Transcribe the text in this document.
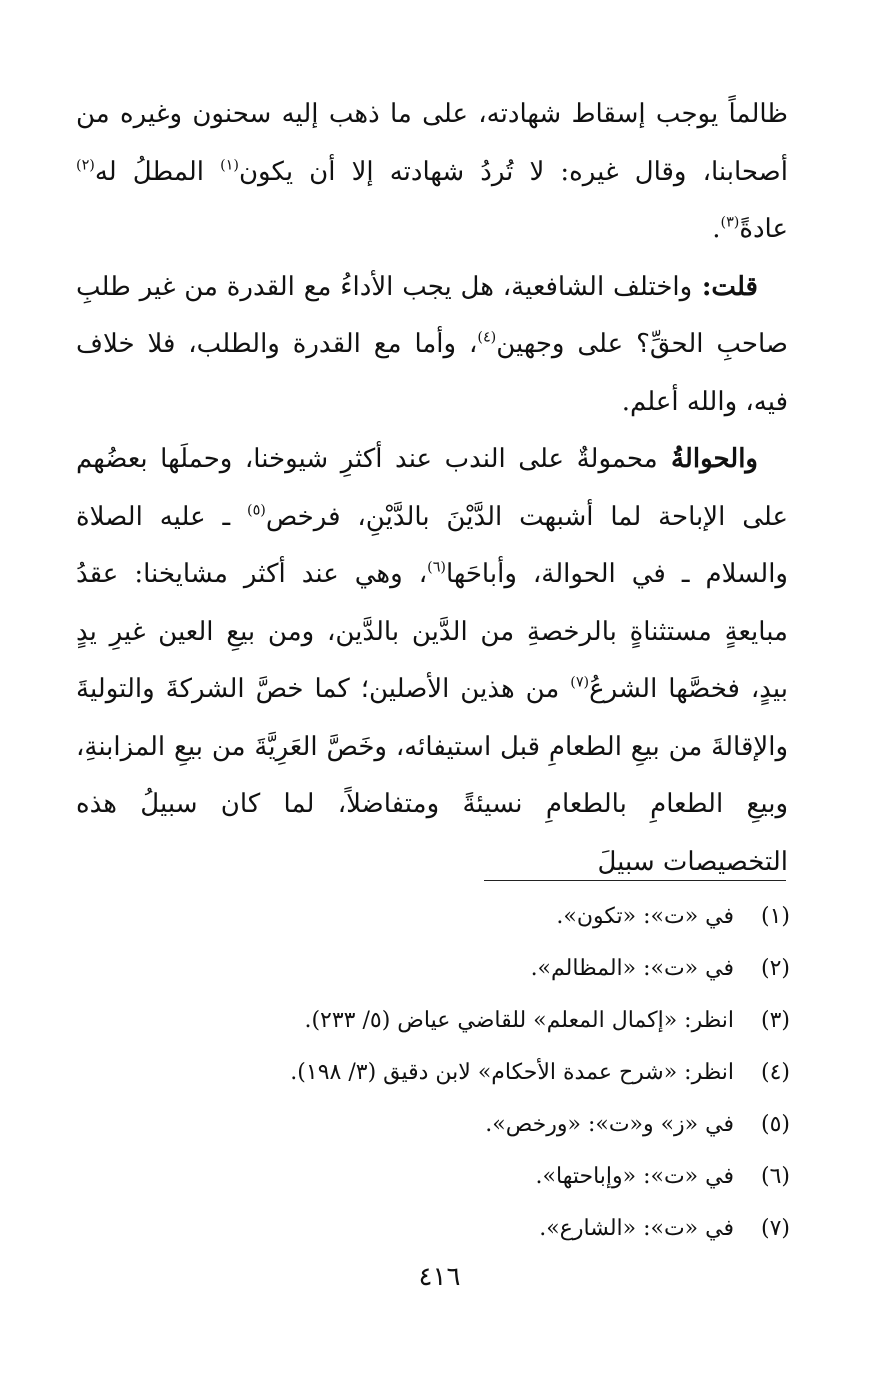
ظالماً يوجب إسقاط شهادته، على ما ذهب إليه سحنون وغيره من أصحابنا، وقال غيره: لا تُردُ شهادته إلا أن يكون$^{(١)}$ المطلُ له$^{(٢)}$ عادةً$^{(٣)}$.

قلت: واختلف الشافعية، هل يجب الأداءُ مع القدرة من غير طلبِ صاحبِ الحقِّ؟ على وجهين$^{(٤)}$، وأما مع القدرة والطلب، فلا خلاف فيه، والله أعلم.

والحوالةُ محمولةٌ على الندب عند أكثرِ شيوخنا، وحملَها بعضُهم على الإباحة لما أشبهت الدَّيْنَ بالدَّيْنِ، فرخص$^{(٥)}$ ـ عليه الصلاة والسلام ـ في الحوالة، وأباحَها$^{(٦)}$، وهي عند أكثر مشايخنا: عقدُ مبايعةٍ مستثناةٍ بالرخصةِ من الدَّين بالدَّين، ومن بيعِ العين غيرِ يدٍ بيدٍ، فخصَّها الشرعُ$^{(٧)}$ من هذين الأصلين؛ كما خصَّ الشركةَ والتوليةَ والإقالةَ من بيعِ الطعامِ قبل استيفائه، وخَصَّ العَرِيَّةَ من بيعِ المزابنةِ، وبيعِ الطعامِ بالطعامِ نسيئةً ومتفاضلاً، لما كان سبيلُ هذه التخصيصات سبيلَ

(١)في «ت»: «تكون».
(٢)في «ت»: «المظالم».
(٣)انظر: «إكمال المعلم» للقاضي عياض (٥/ ٢٣٣).
(٤)انظر: «شرح عمدة الأحكام» لابن دقيق (٣/ ١٩٨).
(٥)في «ز» و«ت»: «ورخص».
(٦)في «ت»: «وإباحتها».
(٧)في «ت»: «الشارع».
٤١٦
